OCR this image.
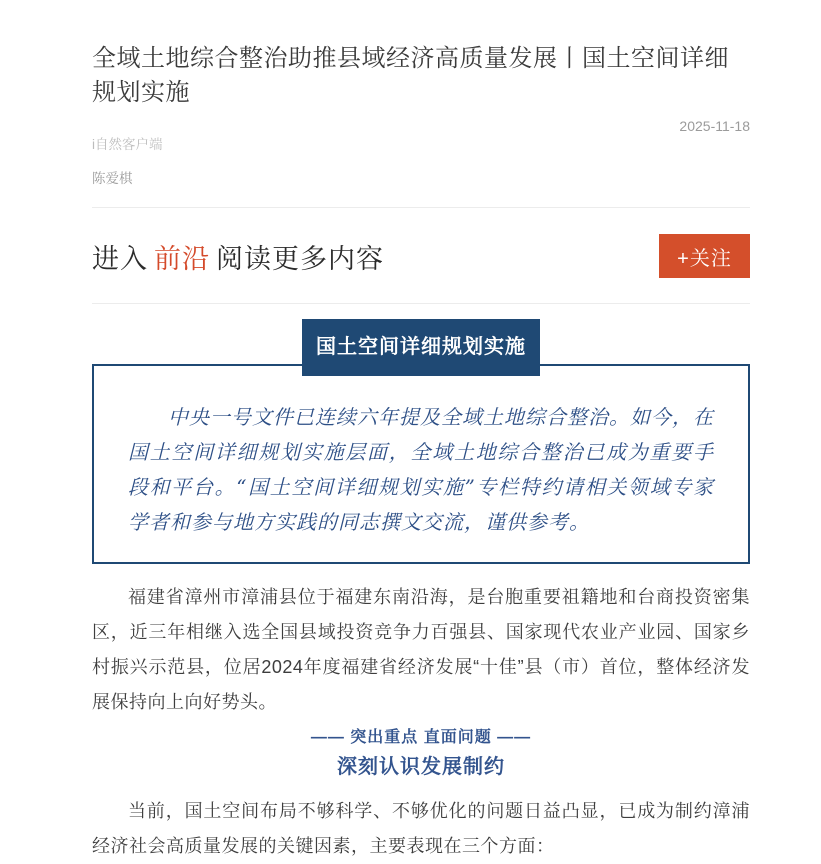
全域土地综合整治助推县域经济高质量发展丨国土空间详细规划实施
2025-11-18
i自然客户端
陈爱棋
进入 前沿 阅读更多内容	+关注
国土空间详细规划实施

中央一号文件已连续六年提及全域土地综合整治。如今，在国土空间详细规划实施层面，全域土地综合整治已成为重要手段和平台。“国土空间详细规划实施”专栏特约请相关领域专家学者和参与地方实践的同志撰文交流，谨供参考。

福建省漳州市漳浦县位于福建东南沿海，是台胞重要祖籍地和台商投资密集区，近三年相继入选全国县域投资竞争力百强县、国家现代农业产业园、国家乡村振兴示范县，位居2024年度福建省经济发展“十佳”县（市）首位，整体经济发展保持向上向好势头。

—— 突出重点 直面问题 ——
深刻认识发展制约

当前，国土空间布局不够科学、不够优化的问题日益凸显，已成为制约漳浦经济社会高质量发展的关键因素，主要表现在三个方面：
